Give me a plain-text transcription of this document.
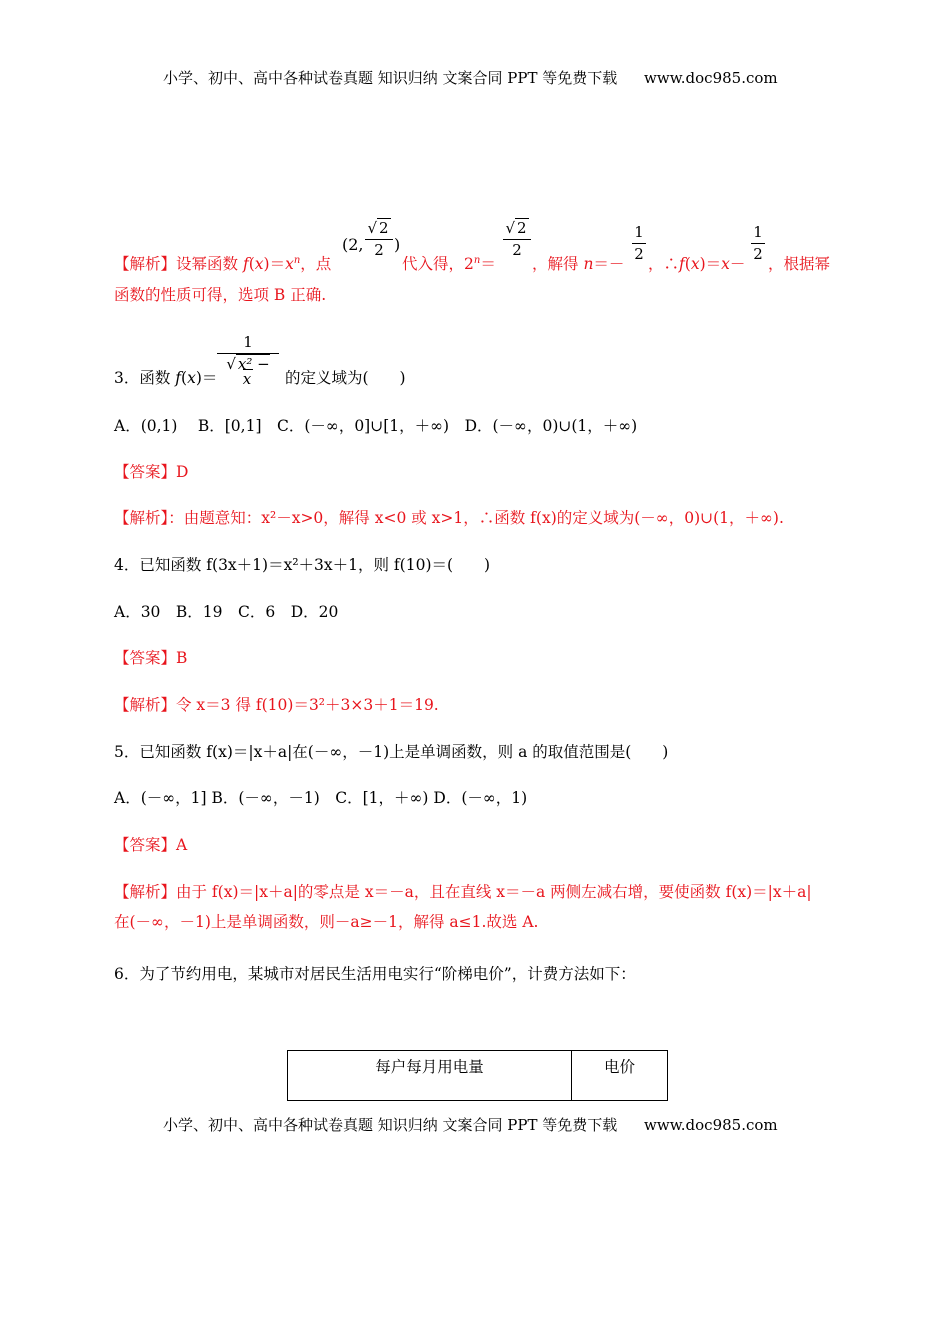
小学、初中、高中各种试卷真题 知识归纳 文案合同 PPT 等免费下载 www.doc985.com
(2,
√ 2
2 )
√ 2
2
1
2
1
2
【解析】设幂函数 $f(x)=x^n$，点	代入得，$2^n=$ ，解得 n＝－ ，∴f(x)＝x－ ，根据幂
函数的性质可得，选项 B 正确.
1
√ x² − x
3．函数 f(x)＝	的定义域为(　　)
A．(0,1)　 B．[0,1]　C．(－∞，0]∪[1，＋∞)　D．(－∞，0)∪(1，＋∞)
【答案】D
【解析】：由题意知：x²－x>0，解得 x<0 或 x>1，∴函数 f(x)的定义域为(－∞，0)∪(1，＋∞).
4．已知函数 f(3x＋1)＝x²＋3x＋1，则 f(10)＝(　　)
A．30　B．19　C．6　D．20
【答案】B
【解析】令 x＝3 得 f(10)＝3²＋3×3＋1＝19.
5．已知函数 f(x)＝|x＋a|在(－∞，－1)上是单调函数，则 a 的取值范围是(　　)
A．(－∞，1] B．(－∞，－1)　C．[1，＋∞) D．(－∞，1)
【答案】A
【解析】由于 f(x)＝|x＋a|的零点是 x＝－a，且在直线 x＝－a 两侧左减右增，要使函数 f(x)＝|x＋a|
在(－∞，－1)上是单调函数，则－a≥－1，解得 a≤1.故选 A.
6．为了节约用电，某城市对居民生活用电实行“阶梯电价”，计费方法如下：
每户每月用电量	电价
小学、初中、高中各种试卷真题 知识归纳 文案合同 PPT 等免费下载 www.doc985.com
